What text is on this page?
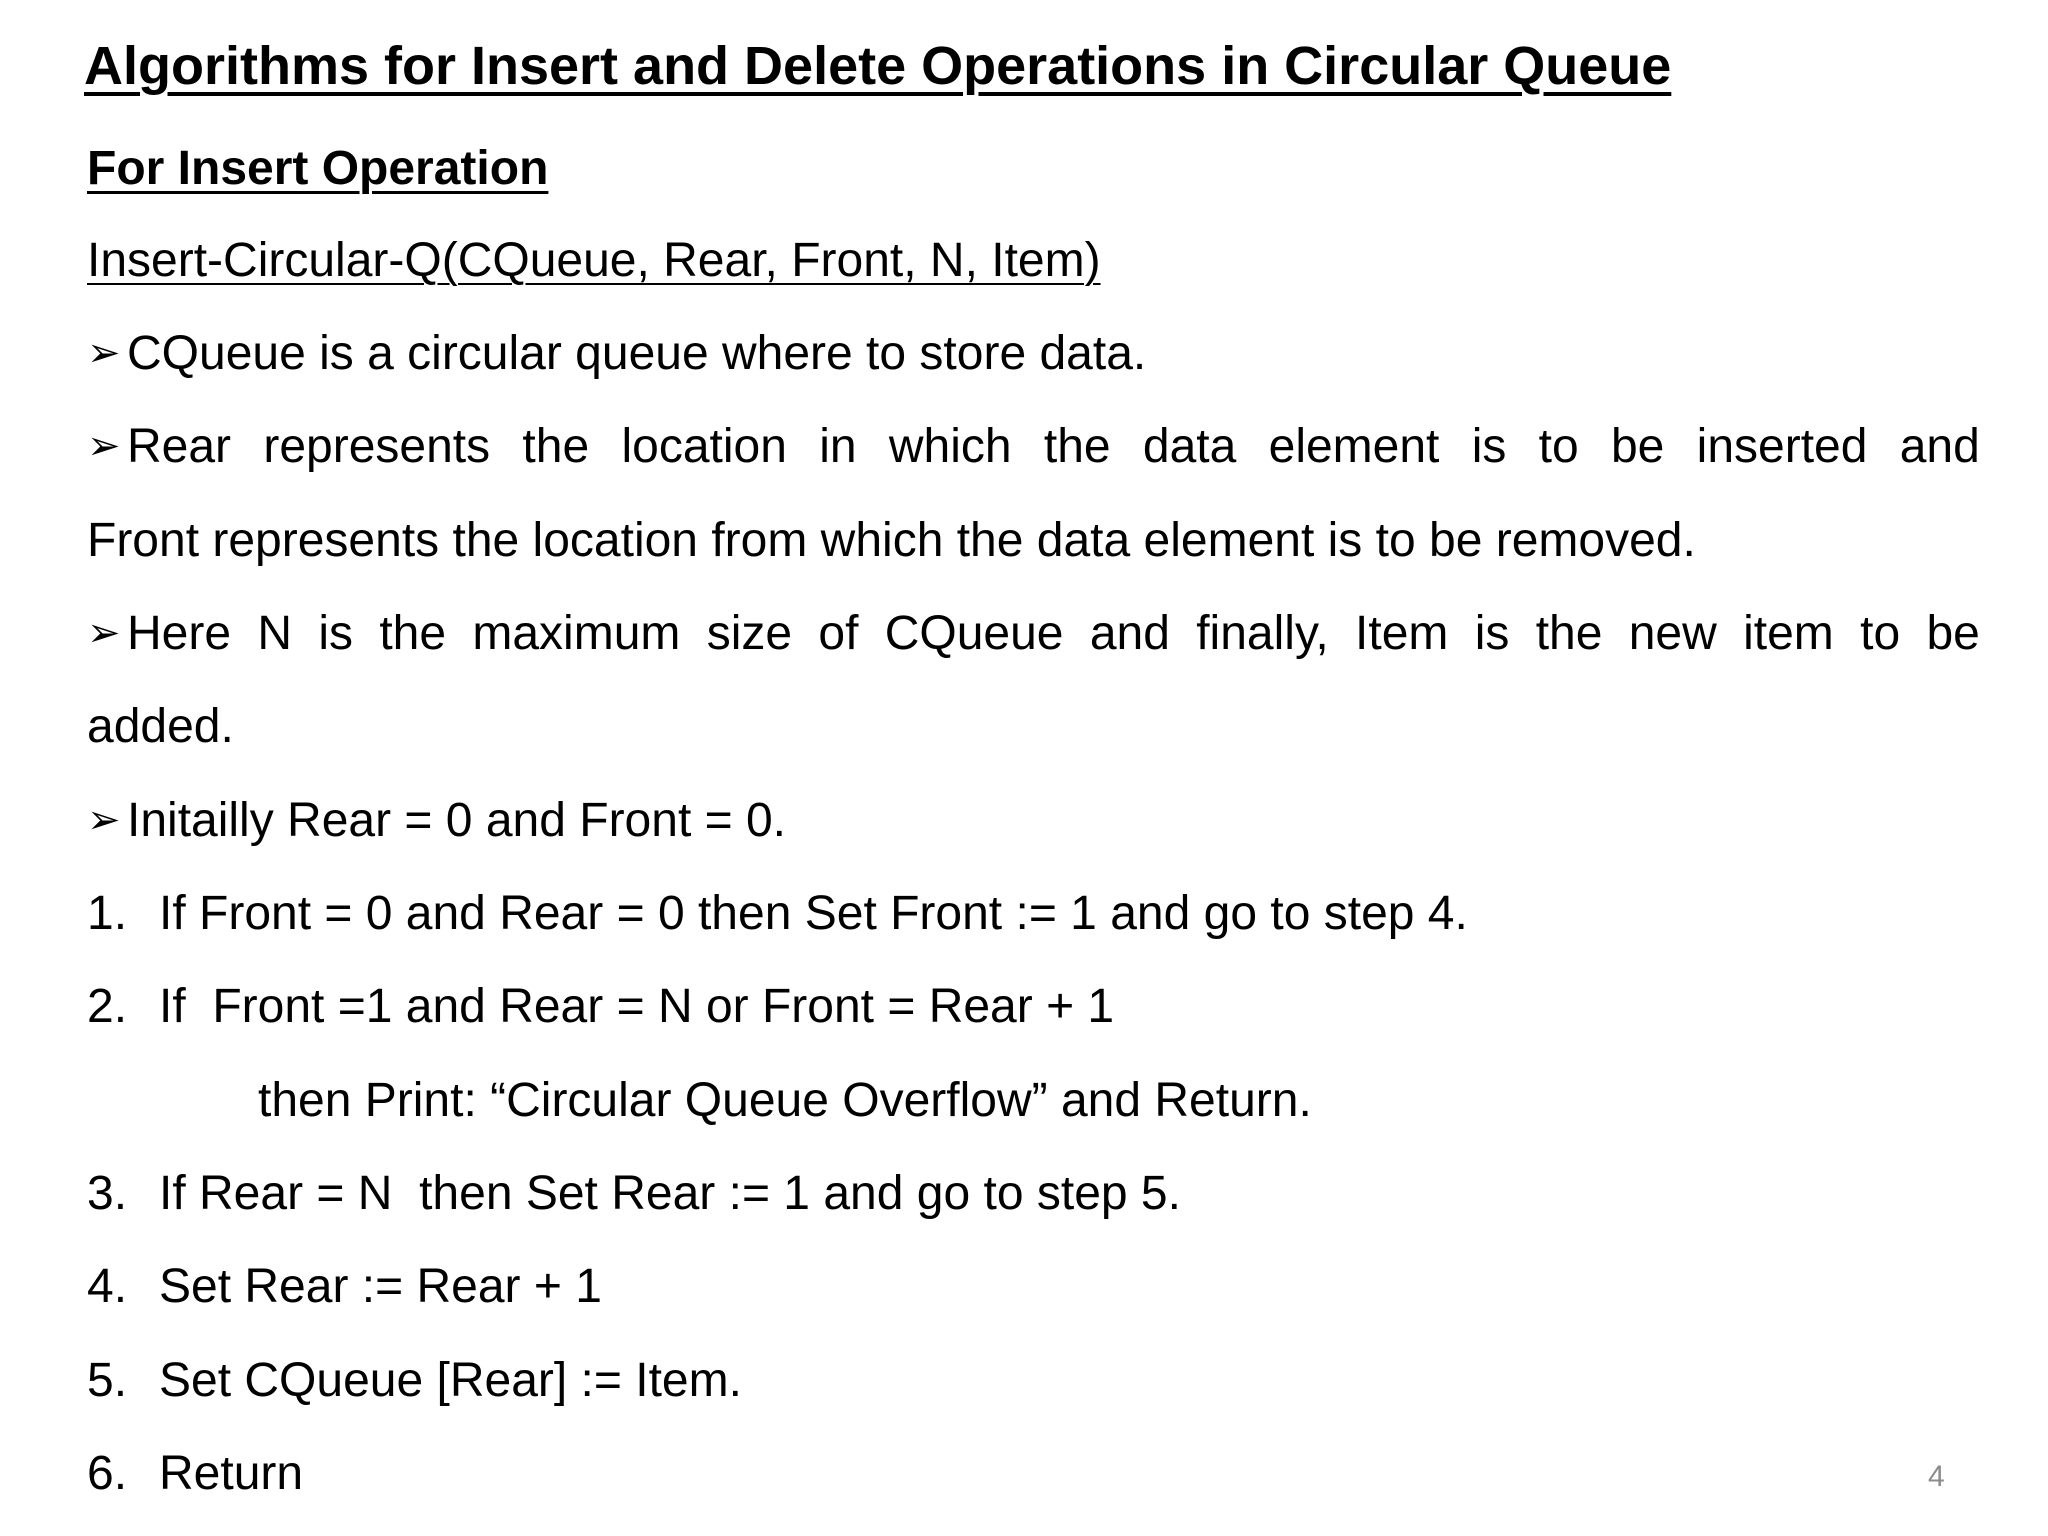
Algorithms for Insert and Delete Operations in Circular Queue
For Insert Operation
Insert-Circular-Q(CQueue, Rear, Front, N, Item)
➢ CQueue is a circular queue where to store data.
➢ Rear represents the location in which the data element is to be inserted and
Front represents the location from which the data element is to be removed.
➢ Here N is the maximum size of CQueue and finally, Item is the new item to be
added.
➢ Initailly Rear = 0 and Front = 0.
1. If Front = 0 and Rear = 0 then Set Front := 1 and go to step 4.
2. If  Front =1 and Rear = N or Front = Rear + 1
then Print: “Circular Queue Overflow” and Return.
3. If Rear = N  then Set Rear := 1 and go to step 5.
4. Set Rear := Rear + 1
5. Set CQueue [Rear] := Item.
6. Return	4
